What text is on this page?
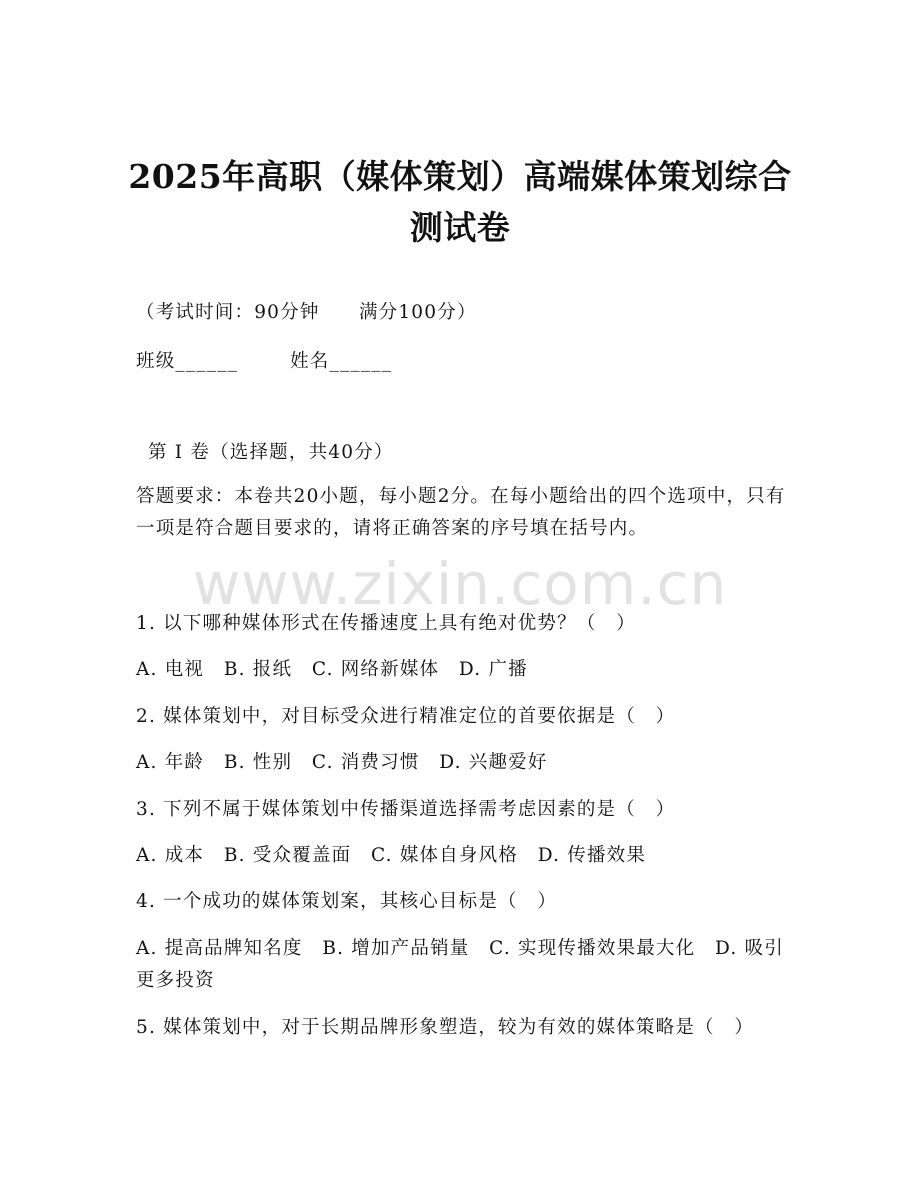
2025年高职（媒体策划）高端媒体策划综合
测试卷
（考试时间：90分钟　　满分100分）
班级______	姓名______
第 I 卷（选择题，共40分）
答题要求：本卷共20小题，每小题2分。在每小题给出的四个选项中，只有一项是符合题目要求的，请将正确答案的序号填在括号内。
www.zixin.com.cn
1. 以下哪种媒体形式在传播速度上具有绝对优势？（　）
A. 电视　B. 报纸　C. 网络新媒体　D. 广播
2. 媒体策划中，对目标受众进行精准定位的首要依据是（　）
A. 年龄　B. 性别　C. 消费习惯　D. 兴趣爱好
3. 下列不属于媒体策划中传播渠道选择需考虑因素的是（　）
A. 成本　B. 受众覆盖面　C. 媒体自身风格　D. 传播效果
4. 一个成功的媒体策划案，其核心目标是（　）
A. 提高品牌知名度　B. 增加产品销量　C. 实现传播效果最大化　D. 吸引更多投资
5. 媒体策划中，对于长期品牌形象塑造，较为有效的媒体策略是（　）
